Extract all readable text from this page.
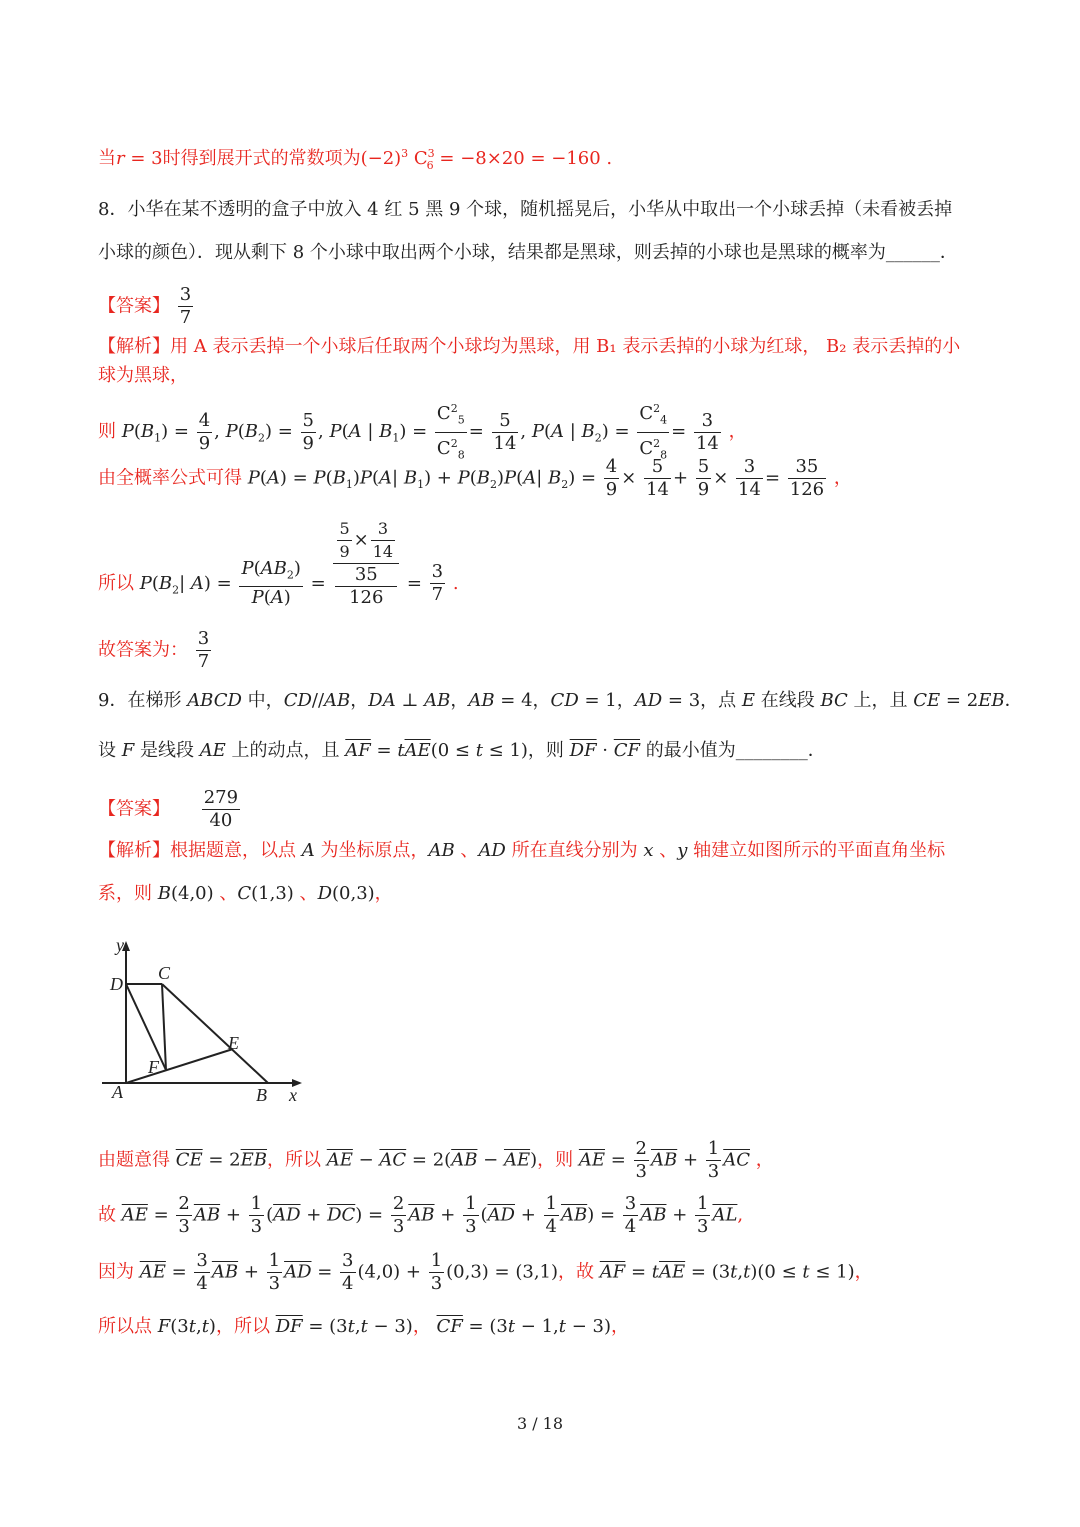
当r = 3时得到展开式的常数项为$(-2)^3$ $C^3_6 = -8\times 20 = -160$ .
8．小华在某不透明的盒子中放入 4 红 5 黑 9 个球，随机摇晃后，小华从中取出一个小球丢掉（未看被丢掉
小球的颜色）．现从剩下 8 个小球中取出两个小球，结果都是黑球，则丢掉的小球也是黑球的概率为______．
【答案】 $\frac{3}{7}$
【解析】用 A 表示丢掉一个小球后任取两个小球均为黑球，用 B₁ 表示丢掉的小球为红球， B₂ 表示丢掉的小
球为黑球，
则 $P(B_1) = \frac{4}{9}$ , $P(B_2) = \frac{5}{9}$ , P(A | $B_1) = \frac{C^2_5}{C^2_8} = \frac{5}{14}$ , P(A | $B_2) = \frac{C^2_4}{C^2_8} = \frac{3}{14}$ ，
由全概率公式可得 $P(A) = P(B_1)P(A|$ $B_1) + P(B_2)P(A|$ $B_2) = \frac{4}{9} \times \frac{5}{14} + \frac{5}{9} \times \frac{3}{14} = \frac{35}{126}$ ，
所以 $P(B_2|$ $A) = \frac{P(AB_2)}{P(A)} = \frac{5}{9} \times \frac{3}{14}$
35
$126 = \frac{3}{7}$ .
故答案为： $\frac{3}{7}$
9．在梯形 ABCD 中，CD//AB，DA ⊥ AB，AB = 4，CD = 1，AD = 3，点 E 在线段 BC 上，且 CE = 2EB．
设 F 是线段 AE 上的动点，且 $\overline{AF} = t\overline{AE}(0 \le t \le 1)$，则 $\overline{DF} \cdot \overline{CF}$ 的最小值为________．
【答案】 $\frac{279}{40}$
【解析】根据题意，以点 A 为坐标原点，AB 、AD 所在直线分别为 x 、y 轴建立如图所示的平面直角坐标
系，则 B(4,0) 、C(1,3) 、D(0,3)，
y
x
A	B
C
D
E
F
由题意得 $\overline{CE} = 2\overline{EB}$，所以 $\overline{AE} - \overline{AC} = 2(\overline{AB} - \overline{AE})$，则 $\overline{AE} = \frac{2}{3} \overline{AB} + \frac{1}{3} \overline{AC}$ ，
故 $\overline{AE} = \frac{2}{3} \overline{AB} + \frac{1}{3} (\overline{AD} + \overline{DC}) = \frac{2}{3} \overline{AB} + \frac{1}{3} (\overline{AD} + \frac{1}{4} \overline{AB}) = \frac{3}{4} \overline{AB} + \frac{1}{3} \overline{AL}$,
因为 $\overline{AE} = \frac{3}{4} \overline{AB} + \frac{1}{3} \overline{AD} = \frac{3}{4} (4,0) + \frac{1}{3} (0,3) = (3,1)$，故 $\overline{AF} = t\overline{AE} = (3t,t)(0 \le t \le 1)$，
所以点 F(3t,t)，所以 $\overline{DF} = (3t,t - 3)$， $\overline{CF} = (3t - 1,t - 3)$，
3 / 18
